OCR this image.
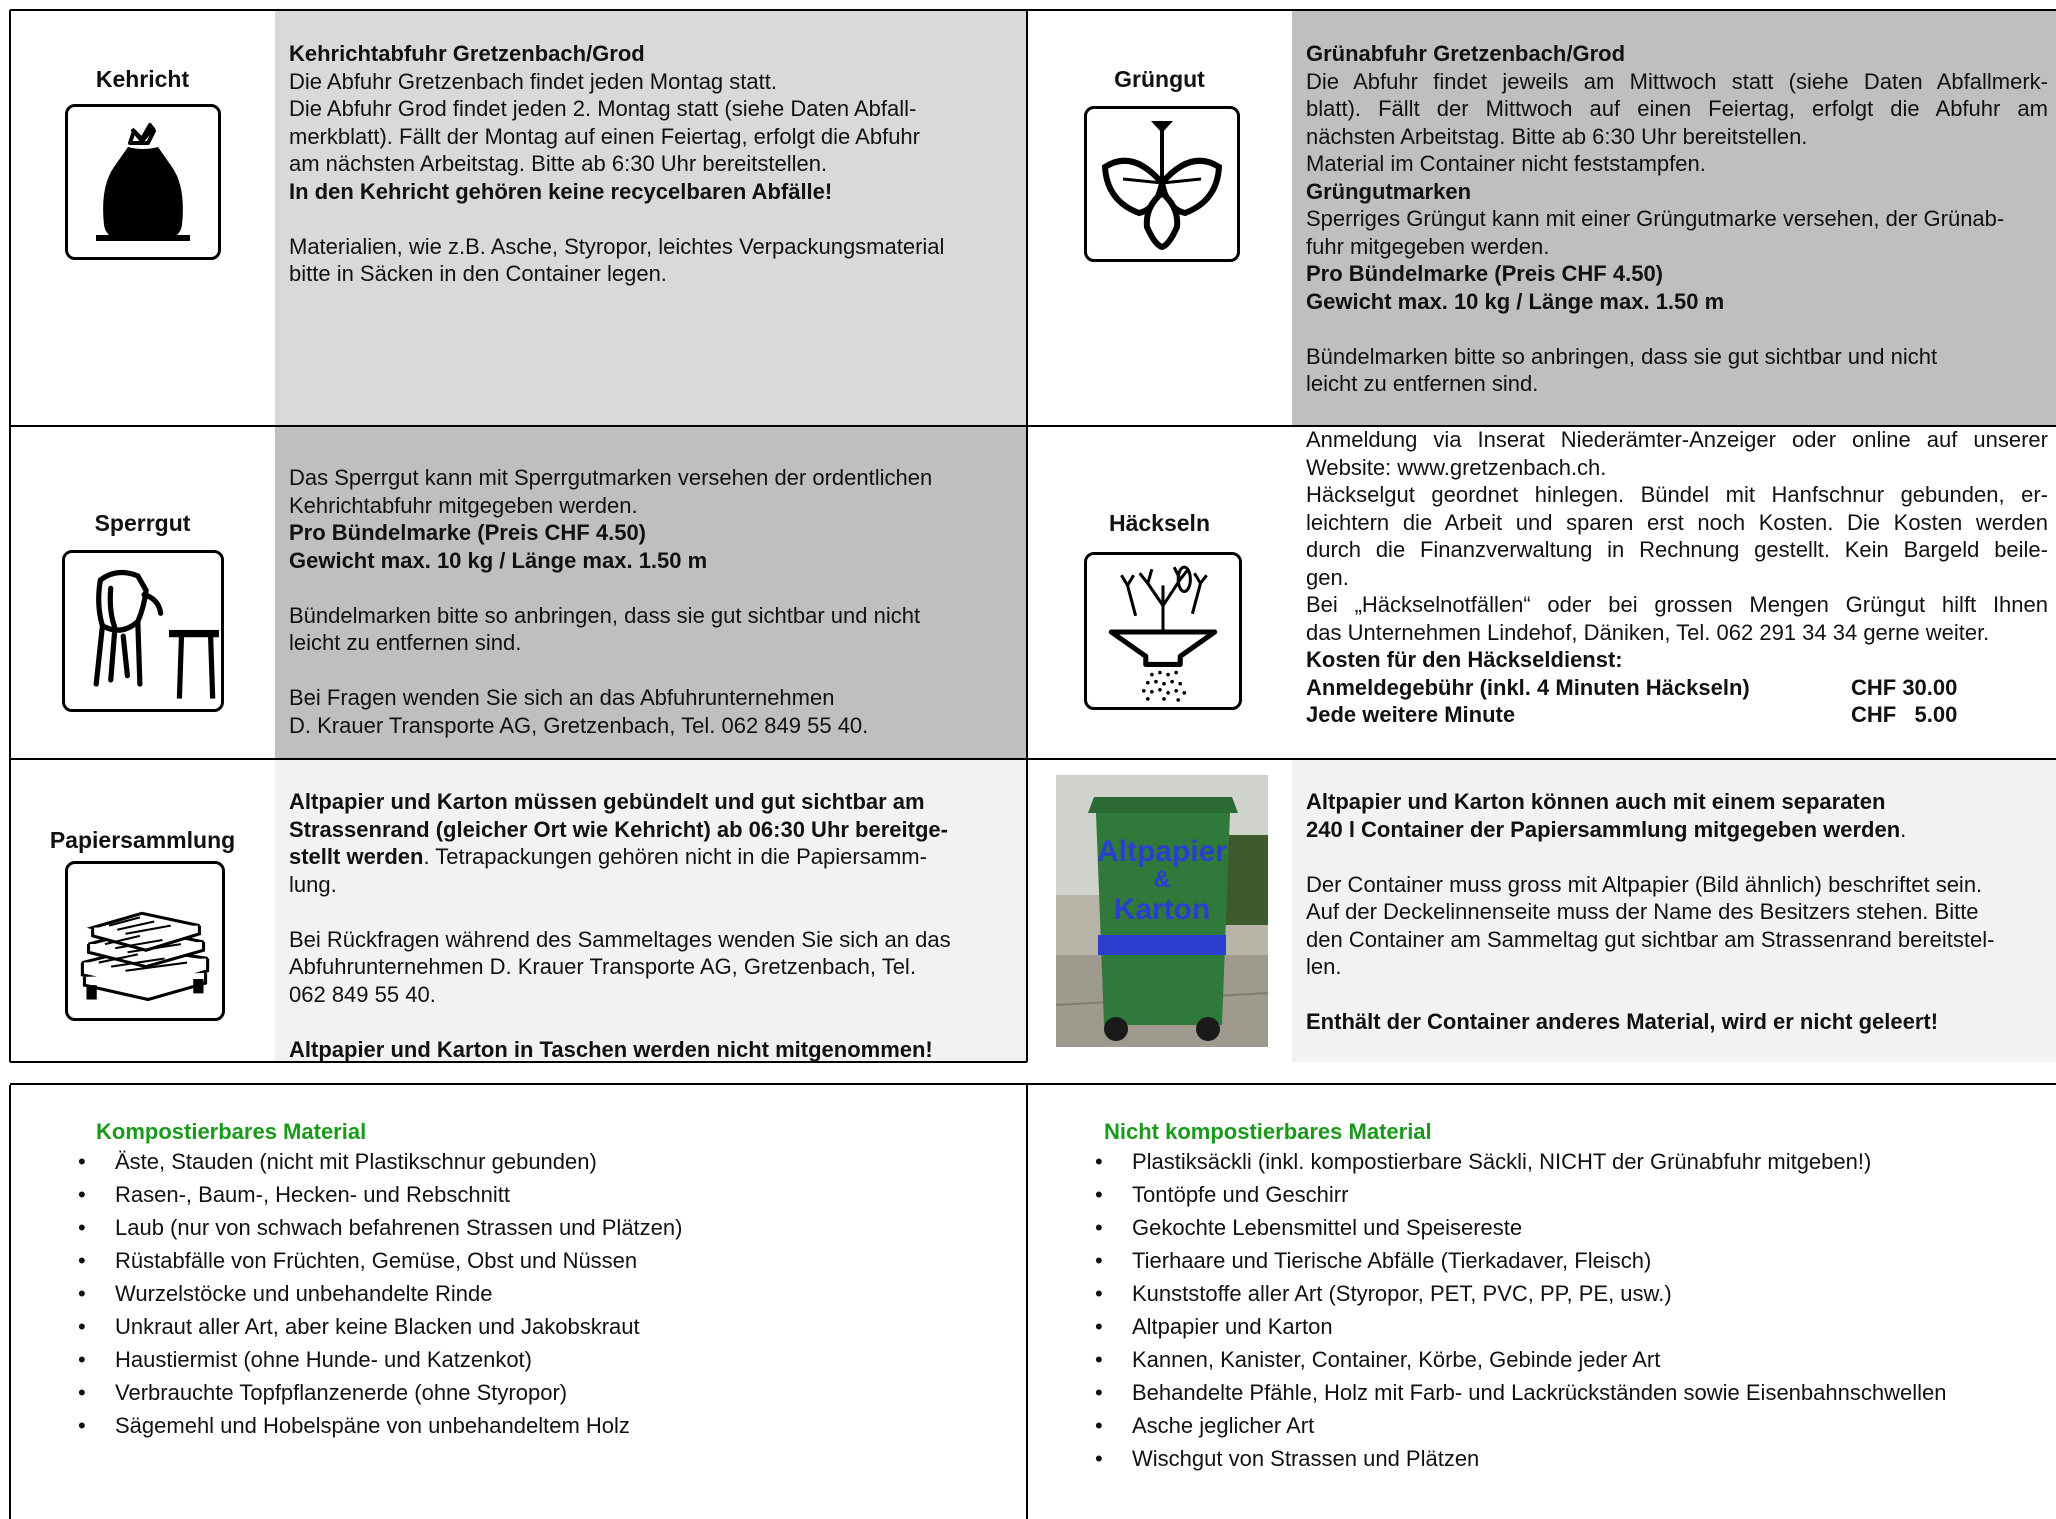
Kehricht

Kehrichtabfuhr Gretzenbach/Grod

Die Abfuhr Gretzenbach findet jeden Montag statt.

Die Abfuhr Grod findet jeden 2. Montag statt (siehe Daten Abfall-

merkblatt). Fällt der Montag auf einen Feiertag, erfolgt die Abfuhr

am nächsten Arbeitstag. Bitte ab 6:30 Uhr bereitstellen.

In den Kehricht gehören keine recycelbaren Abfälle!

Materialien, wie z.B. Asche, Styropor, leichtes Verpackungsmaterial

bitte in Säcken in den Container legen.

Grüngut

Grünabfuhr Gretzenbach/Grod

Die Abfuhr findet jeweils am Mittwoch statt (siehe Daten Abfallmerk-

blatt). Fällt der Mittwoch auf einen Feiertag, erfolgt die Abfuhr am

nächsten Arbeitstag. Bitte ab 6:30 Uhr bereitstellen.

Material im Container nicht feststampfen.

Grüngutmarken

Sperriges Grüngut kann mit einer Grüngutmarke versehen, der Grünab-

fuhr mitgegeben werden.

Pro Bündelmarke (Preis CHF 4.50)

Gewicht max. 10 kg / Länge max. 1.50 m

Bündelmarken bitte so anbringen, dass sie gut sichtbar und nicht

leicht zu entfernen sind.

Sperrgut

Das Sperrgut kann mit Sperrgutmarken versehen der ordentlichen

Kehrichtabfuhr mitgegeben werden.

Pro Bündelmarke (Preis CHF 4.50)

Gewicht max. 10 kg / Länge max. 1.50 m

Bündelmarken bitte so anbringen, dass sie gut sichtbar und nicht

leicht zu entfernen sind.

Bei Fragen wenden Sie sich an das Abfuhrunternehmen

D. Krauer Transporte AG, Gretzenbach, Tel. 062 849 55 40.

Häckseln

Anmeldung via Inserat Niederämter-Anzeiger oder online auf unserer

Website: www.gretzenbach.ch.

Häckselgut geordnet hinlegen. Bündel mit Hanfschnur gebunden, er-

leichtern die Arbeit und sparen erst noch Kosten. Die Kosten werden

durch die Finanzverwaltung in Rechnung gestellt. Kein Bargeld beile-

gen.

Bei „Häckselnotfällen“ oder bei grossen Mengen Grüngut hilft Ihnen

das Unternehmen Lindehof, Däniken, Tel. 062 291 34 34 gerne weiter.

Kosten für den Häckseldienst:

Anmeldegebühr (inkl. 4 Minuten Häckseln)	CHF 30.00
Jede weitere Minute	CHF   5.00
Papiersammlung

Altpapier und Karton müssen gebündelt und gut sichtbar am

Strassenrand (gleicher Ort wie Kehricht) ab 06:30 Uhr bereitge-

stellt werden. Tetrapackungen gehören nicht in die Papiersamm-

lung.

Bei Rückfragen während des Sammeltages wenden Sie sich an das

Abfuhrunternehmen D. Krauer Transporte AG, Gretzenbach, Tel.

062 849 55 40.

Altpapier und Karton in Taschen werden nicht mitgenommen!

Altpapier
&
Karton

Altpapier und Karton können auch mit einem separaten

240 l Container der Papiersammlung mitgegeben werden.

Der Container muss gross mit Altpapier (Bild ähnlich) beschriftet sein.

Auf der Deckelinnenseite muss der Name des Besitzers stehen. Bitte

den Container am Sammeltag gut sichtbar am Strassenrand bereitstel-

len.

Enthält der Container anderes Material, wird er nicht geleert!

Kompostierbares Material
• Äste, Stauden (nicht mit Plastikschnur gebunden)
• Rasen-, Baum-, Hecken- und Rebschnitt
• Laub (nur von schwach befahrenen Strassen und Plätzen)
• Rüstabfälle von Früchten, Gemüse, Obst und Nüssen
• Wurzelstöcke und unbehandelte Rinde
• Unkraut aller Art, aber keine Blacken und Jakobskraut
• Haustiermist (ohne Hunde- und Katzenkot)
• Verbrauchte Topfpflanzenerde (ohne Styropor)
• Sägemehl und Hobelspäne von unbehandeltem Holz
Nicht kompostierbares Material
• Plastiksäckli (inkl. kompostierbare Säckli, NICHT der Grünabfuhr mitgeben!)
• Tontöpfe und Geschirr
• Gekochte Lebensmittel und Speisereste
• Tierhaare und Tierische Abfälle (Tierkadaver, Fleisch)
• Kunststoffe aller Art (Styropor, PET, PVC, PP, PE, usw.)
• Altpapier und Karton
• Kannen, Kanister, Container, Körbe, Gebinde jeder Art
• Behandelte Pfähle, Holz mit Farb- und Lackrückständen sowie Eisenbahnschwellen
• Asche jeglicher Art
• Wischgut von Strassen und Plätzen
